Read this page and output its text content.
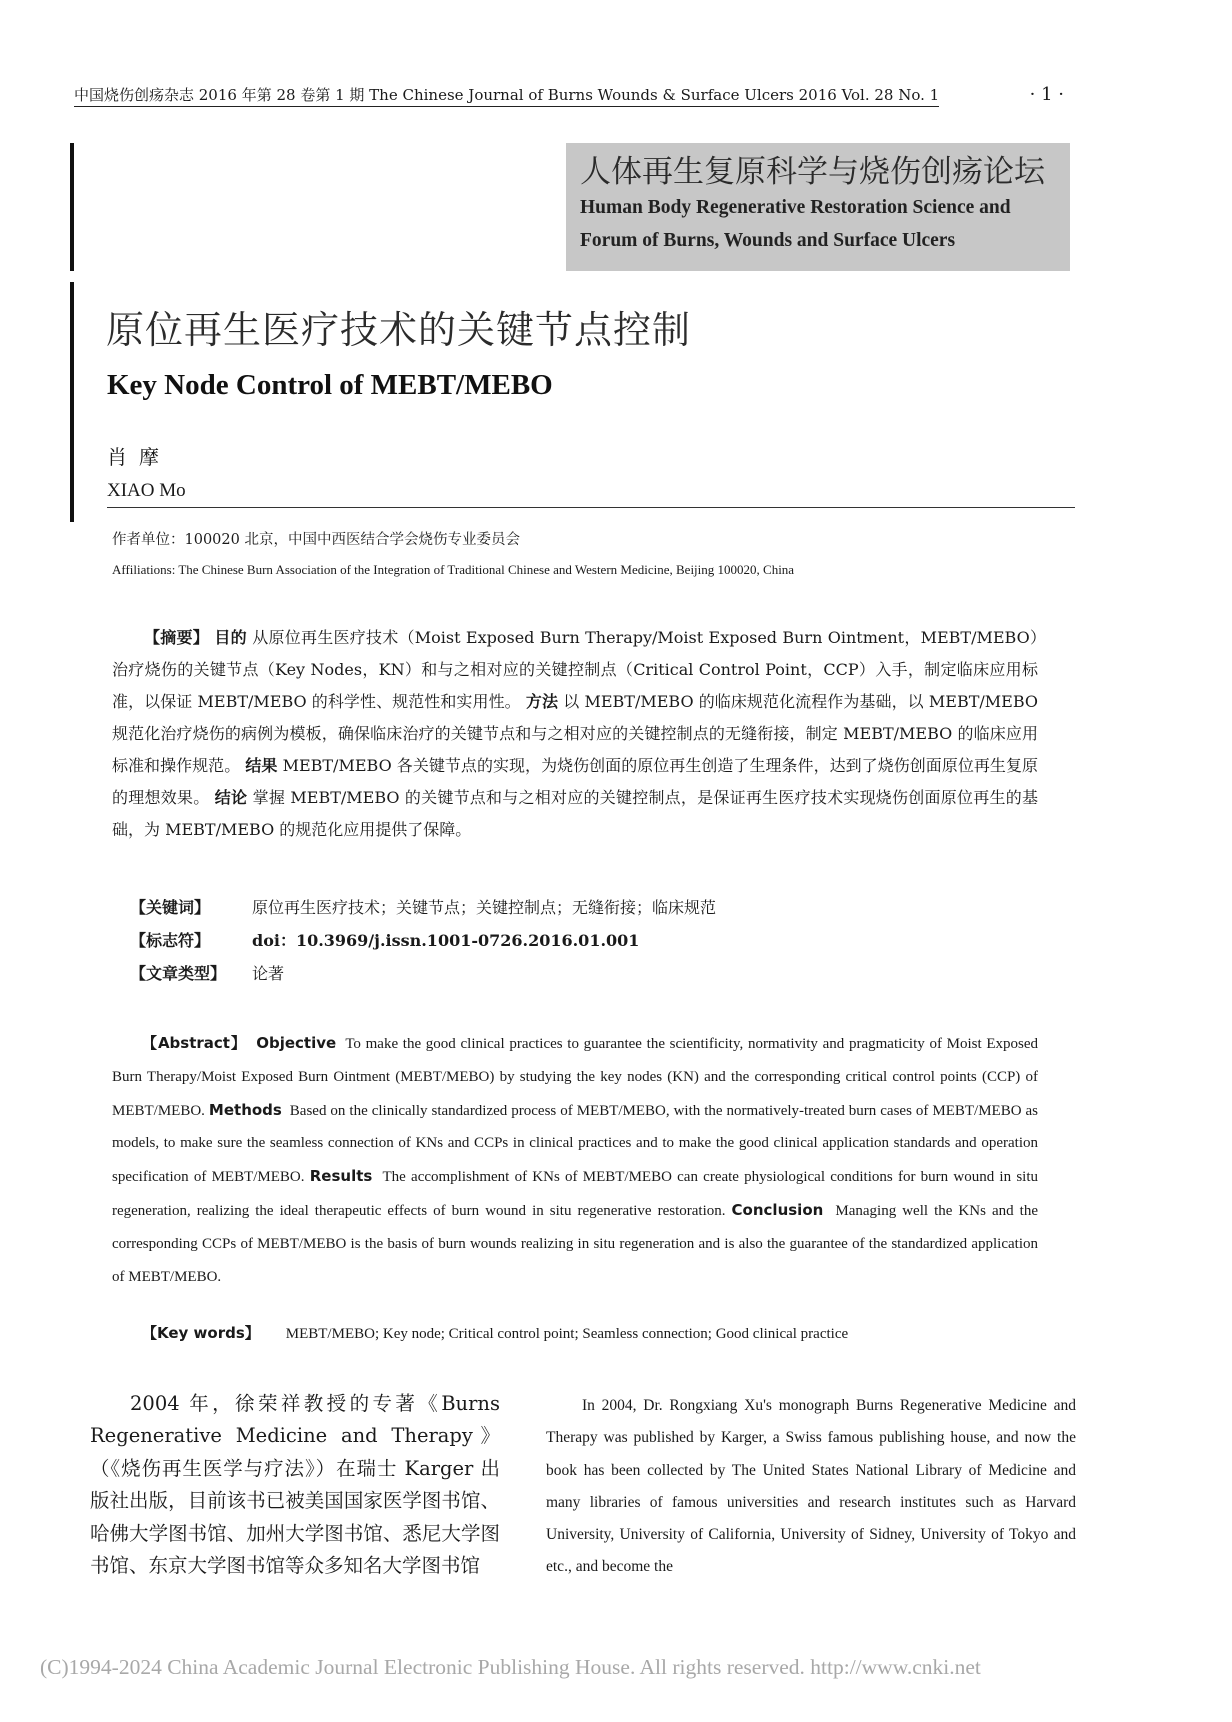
中国烧伤创疡杂志 2016 年第 28 卷第 1 期 The Chinese Journal of Burns Wounds & Surface Ulcers 2016 Vol. 28 No. 1	· 1 ·
人体再生复原科学与烧伤创疡论坛
Human Body Regenerative Restoration Science and
Forum of Burns, Wounds and Surface Ulcers
原位再生医疗技术的关键节点控制
Key Node Control of MEBT/MEBO
肖摩
XIAO Mo
作者单位：100020 北京，中国中西医结合学会烧伤专业委员会
Affiliations: The Chinese Burn Association of the Integration of Traditional Chinese and Western Medicine, Beijing 100020, China
【摘要】 目的 从原位再生医疗技术（Moist Exposed Burn Therapy/Moist Exposed Burn Ointment，MEBT/MEBO）治疗烧伤的关键节点（Key Nodes，KN）和与之相对应的关键控制点（Critical Control Point，CCP）入手，制定临床应用标准，以保证 MEBT/MEBO 的科学性、规范性和实用性。 方法 以 MEBT/MEBO 的临床规范化流程作为基础，以 MEBT/MEBO 规范化治疗烧伤的病例为模板，确保临床治疗的关键节点和与之相对应的关键控制点的无缝衔接，制定 MEBT/MEBO 的临床应用标准和操作规范。 结果 MEBT/MEBO 各关键节点的实现，为烧伤创面的原位再生创造了生理条件，达到了烧伤创面原位再生复原的理想效果。 结论 掌握 MEBT/MEBO 的关键节点和与之相对应的关键控制点，是保证再生医疗技术实现烧伤创面原位再生的基础，为 MEBT/MEBO 的规范化应用提供了保障。
【关键词】	原位再生医疗技术；关键节点；关键控制点；无缝衔接；临床规范
【标志符】	doi：10.3969/j.issn.1001-0726.2016.01.001
【文章类型】 论著
【Abstract】 Objective To make the good clinical practices to guarantee the scientificity, normativity and pragmaticity of Moist Exposed Burn Therapy/Moist Exposed Burn Ointment (MEBT/MEBO) by studying the key nodes (KN) and the corresponding critical control points (CCP) of MEBT/MEBO. Methods Based on the clinically standardized process of MEBT/MEBO, with the normatively-treated burn cases of MEBT/MEBO as models, to make sure the seamless connection of KNs and CCPs in clinical practices and to make the good clinical application standards and operation specification of MEBT/MEBO. Results The accomplishment of KNs of MEBT/MEBO can create physiological conditions for burn wound in situ regeneration, realizing the ideal therapeutic effects of burn wound in situ regenerative restoration. Conclusion Managing well the KNs and the corresponding CCPs of MEBT/MEBO is the basis of burn wounds realizing in situ regeneration and is also the guarantee of the standardized application of MEBT/MEBO.
【Key words】 MEBT/MEBO; Key node; Critical control point; Seamless connection; Good clinical practice
2004 年，徐荣祥教授的专著《Burns Regenerative Medicine and Therapy》（《烧伤再生医学与疗法》）在瑞士 Karger 出版社出版，目前该书已被美国国家医学图书馆、哈佛大学图书馆、加州大学图书馆、悉尼大学图书馆、东京大学图书馆等众多知名大学图书馆
In 2004, Dr. Rongxiang Xu's monograph Burns Regenerative Medicine and Therapy was published by Karger, a Swiss famous publishing house, and now the book has been collected by The United States National Library of Medicine and many libraries of famous universities and research institutes such as Harvard University, University of California, University of Sidney, University of Tokyo and etc., and become the
(C)1994-2024 China Academic Journal Electronic Publishing House. All rights reserved. http://www.cnki.net
